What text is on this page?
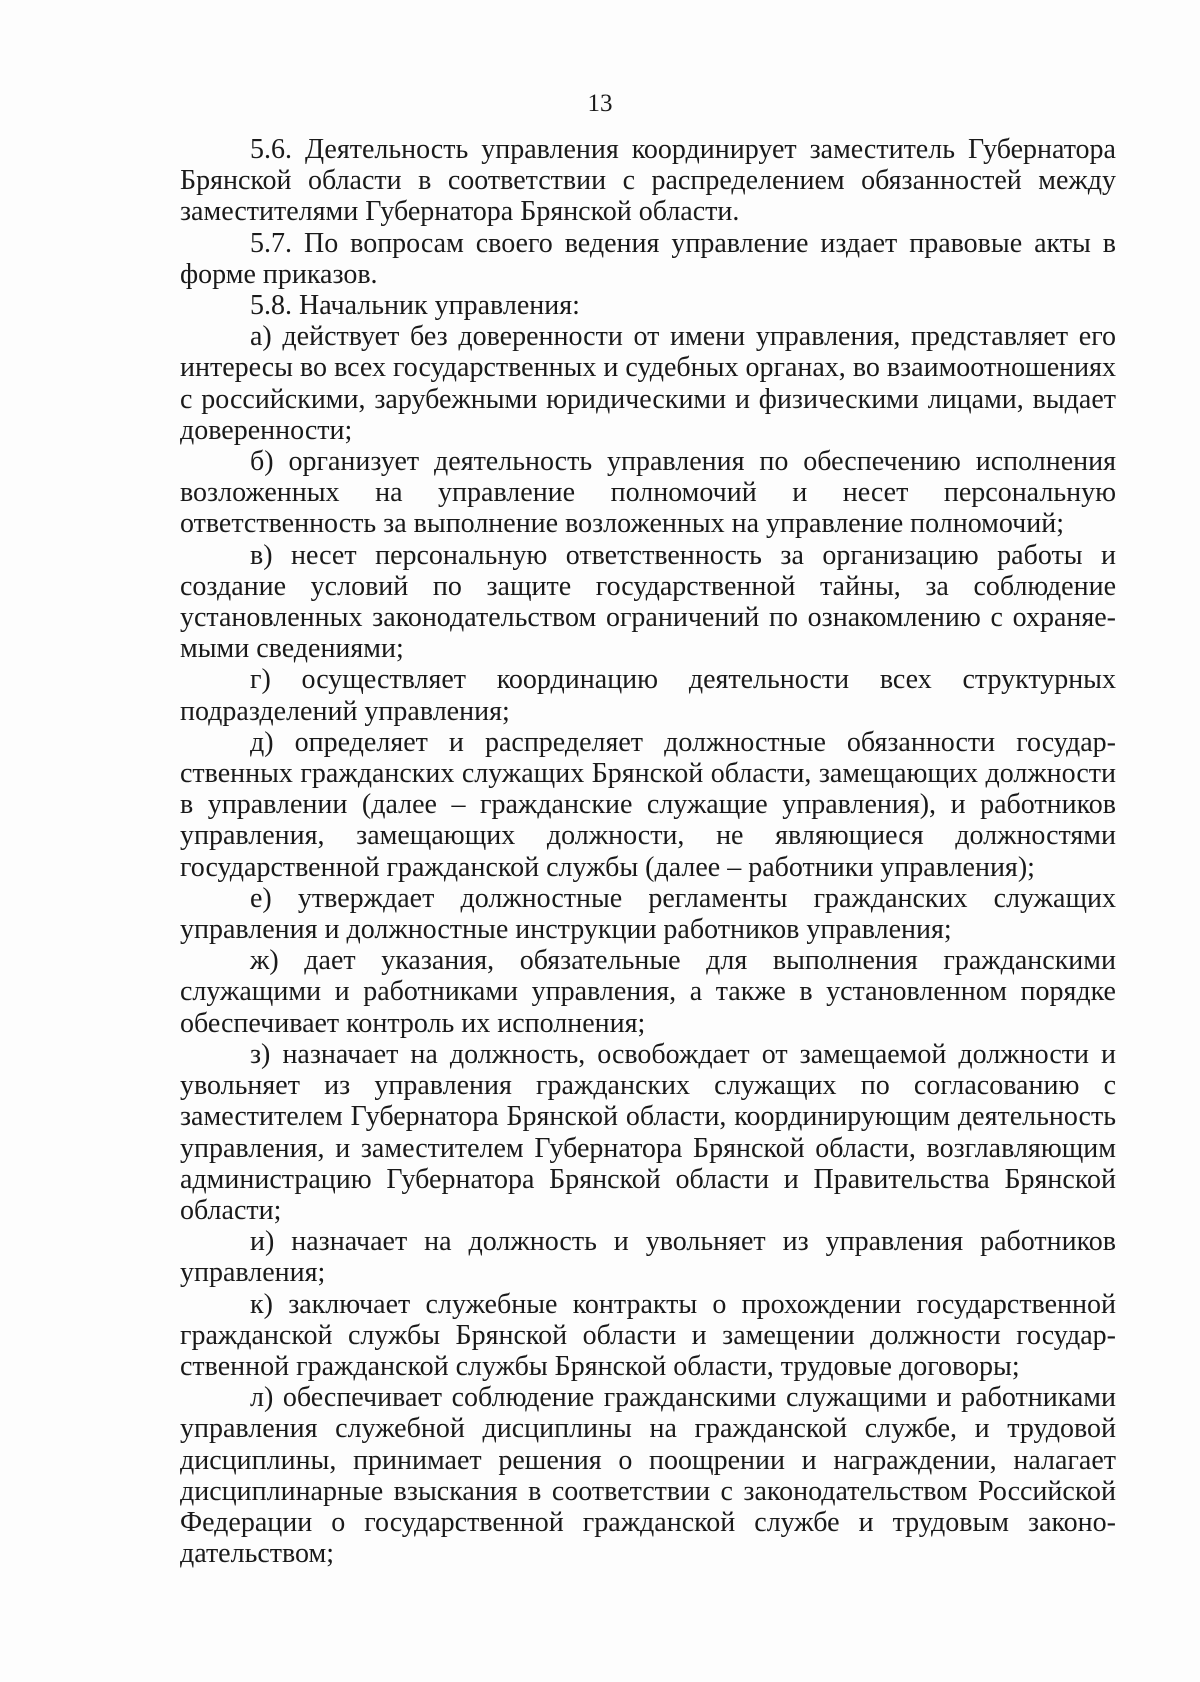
13

5.6. Деятельность управления координирует заместитель Губернатора Брянской области в соответствии с распределением обязанностей между заместителями Губернатора Брянской области.

5.7. По вопросам своего ведения управление издает правовые акты в форме приказов.

5.8. Начальник управления:

а) действует без доверенности от имени управления, представляет его интересы во всех государственных и судебных органах, во взаимоотношениях с российскими, зарубежными юридическими и физическими лицами, выдает доверенности;

б) организует деятельность управления по обеспечению исполнения возложенных на управление полномочий и несет персональную ответственность за выполнение возложенных на управление полномочий;

в) несет персональную ответственность за организацию работы и создание условий по защите государственной тайны, за соблюдение установленных законодательством ограничений по ознакомлению с охраняемыми сведениями;

г) осуществляет координацию деятельности всех структурных подразделений управления;

д) определяет и распределяет должностные обязанности государственных гражданских служащих Брянской области, замещающих должности в управлении (далее – гражданские служащие управления), и работников управления, замещающих должности, не являющиеся должностями государственной гражданской службы (далее – работники управления);

е) утверждает должностные регламенты гражданских служащих управления и должностные инструкции работников управления;

ж) дает указания, обязательные для выполнения гражданскими служащими и работниками управления, а также в установленном порядке обеспечивает контроль их исполнения;

з) назначает на должность, освобождает от замещаемой должности и увольняет из управления гражданских служащих по согласованию с заместителем Губернатора Брянской области, координирующим деятельность управления, и заместителем Губернатора Брянской области, возглавляющим администрацию Губернатора Брянской области и Правительства Брянской области;

и) назначает на должность и увольняет из управления работников управления;

к) заключает служебные контракты о прохождении государственной гражданской службы Брянской области и замещении должности государственной гражданской службы Брянской области, трудовые договоры;

л) обеспечивает соблюдение гражданскими служащими и работниками управления служебной дисциплины на гражданской службе, и трудовой дисциплины, принимает решения о поощрении и награждении, налагает дисциплинарные взыскания в соответствии с законодательством Российской Федерации о государственной гражданской службе и трудовым законодательством;
